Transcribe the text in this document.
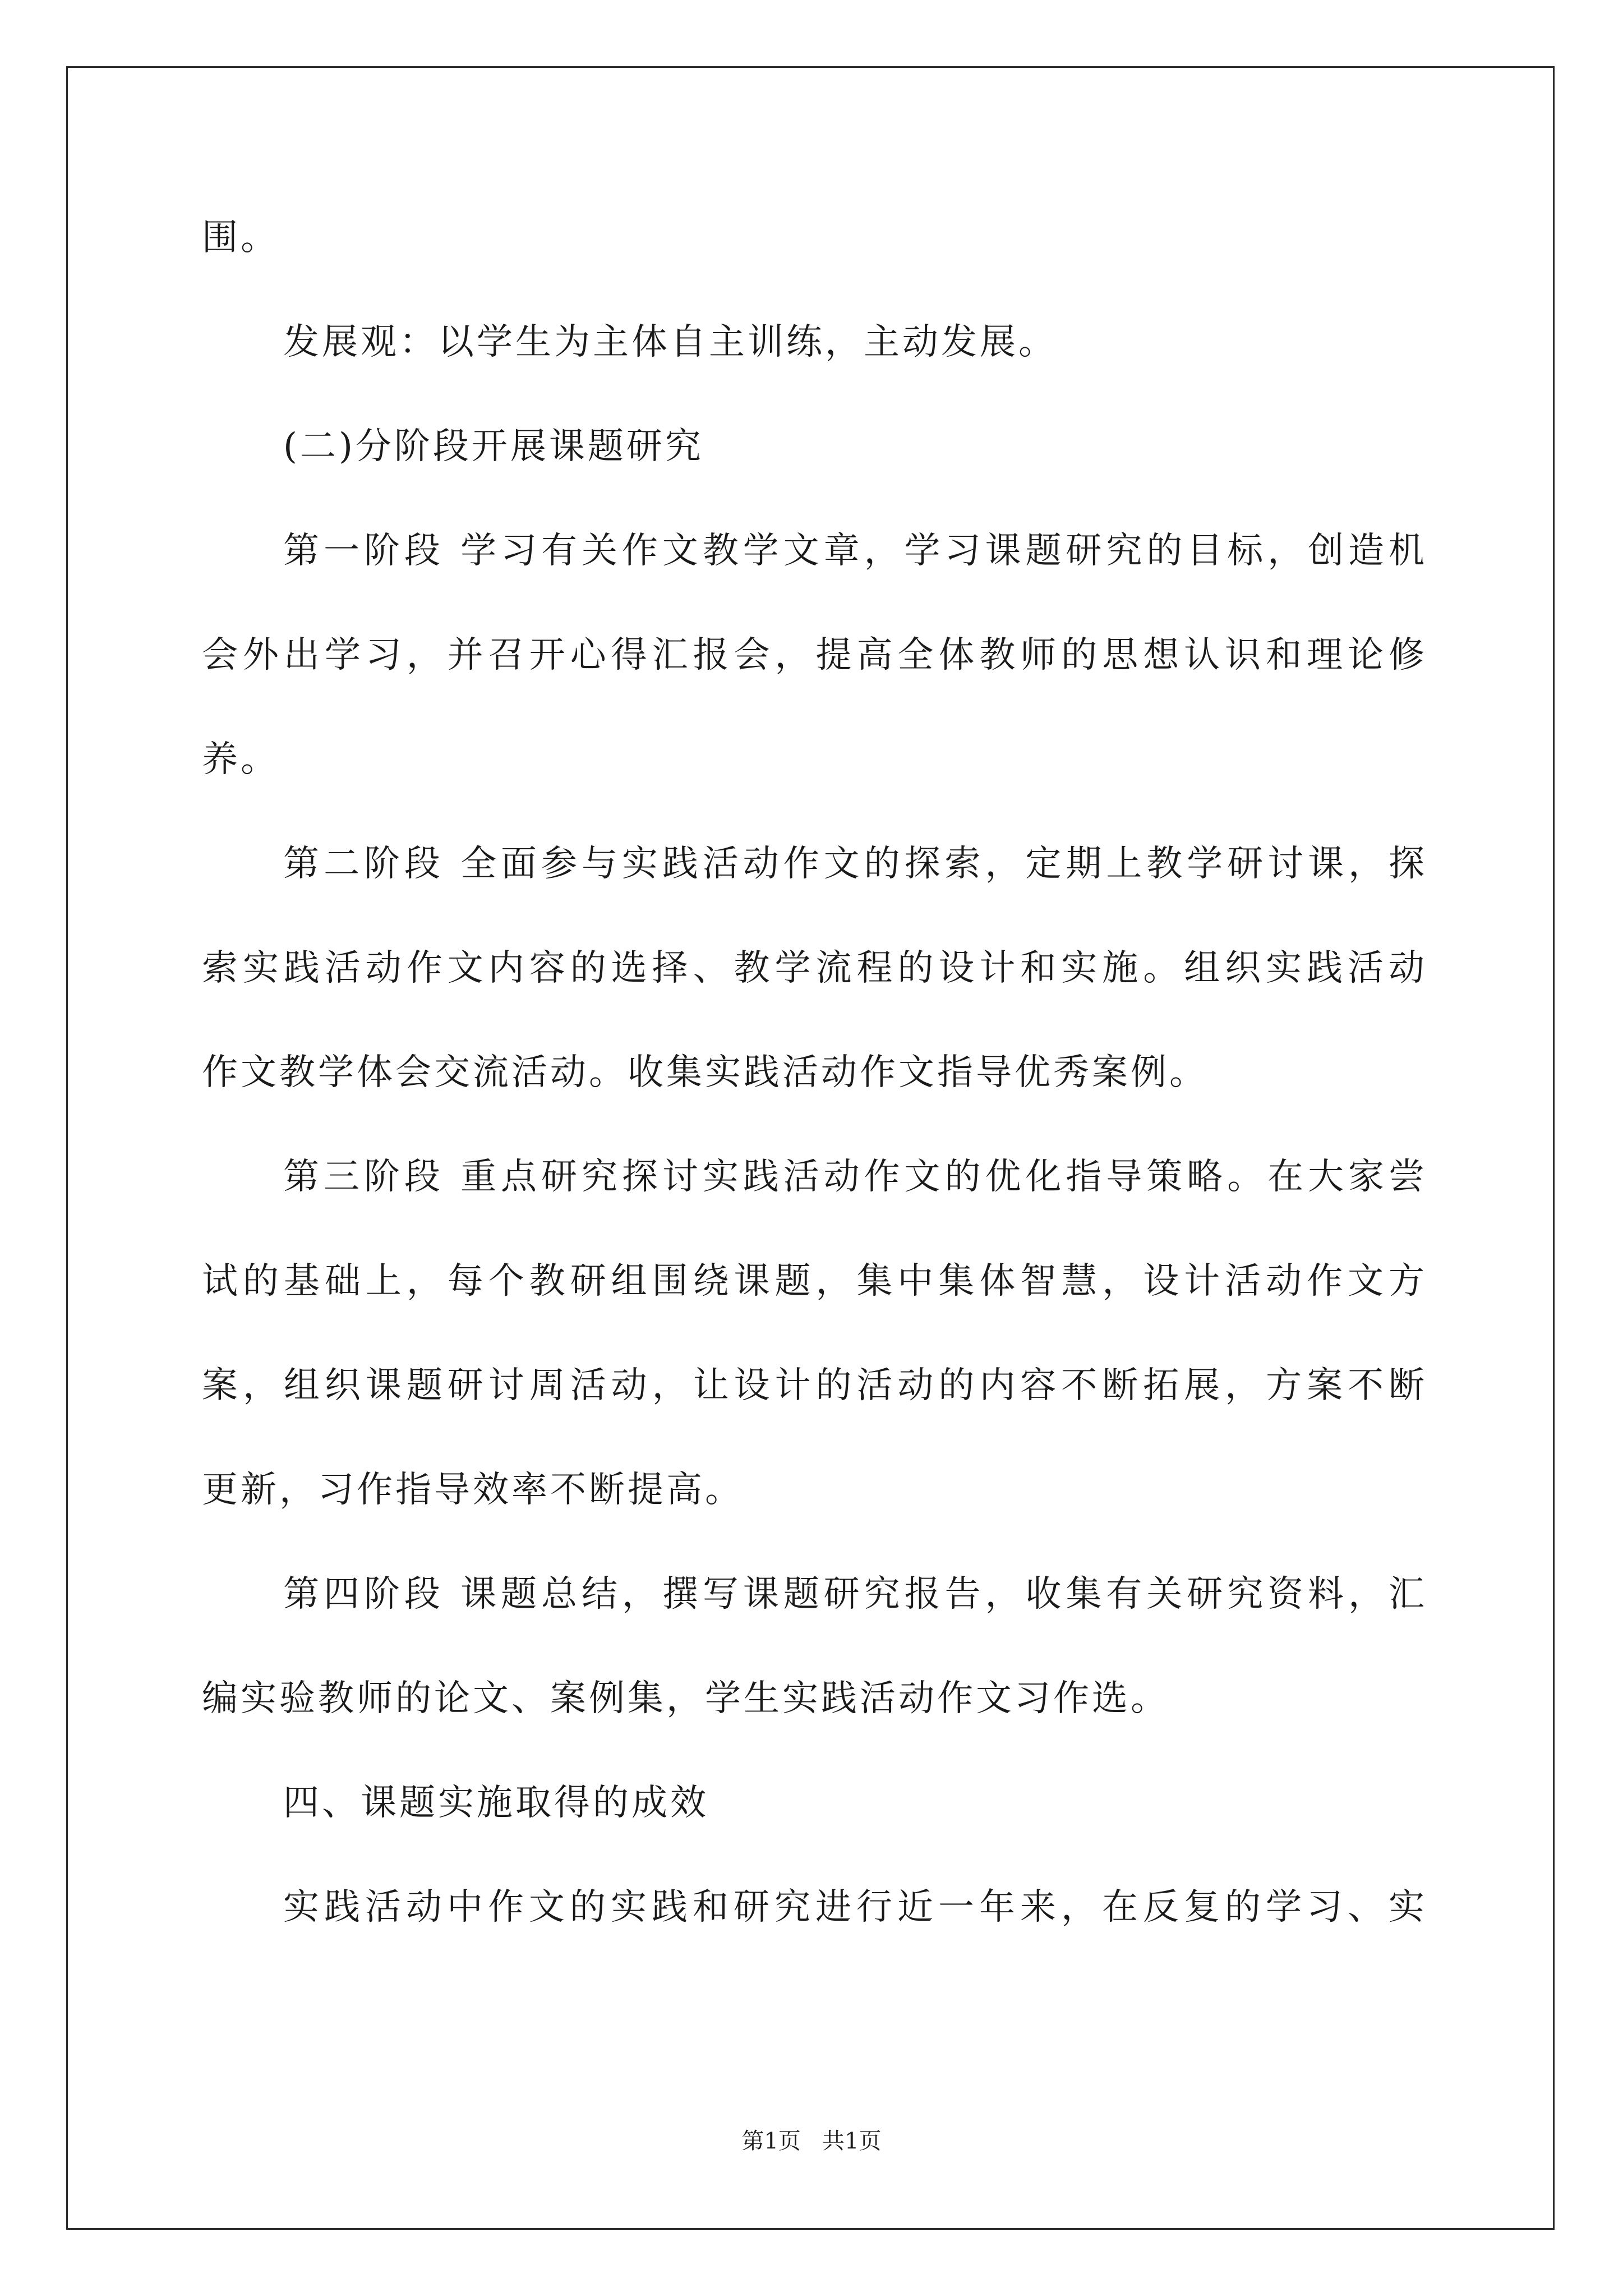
围。
发展观：以学生为主体自主训练，主动发展。
(二)分阶段开展课题研究
第一阶段 学习有关作文教学文章，学习课题研究的目标，创造机
会外出学习，并召开心得汇报会，提高全体教师的思想认识和理论修
养。
第二阶段 全面参与实践活动作文的探索，定期上教学研讨课，探
索实践活动作文内容的选择、教学流程的设计和实施。组织实践活动
作文教学体会交流活动。收集实践活动作文指导优秀案例。
第三阶段 重点研究探讨实践活动作文的优化指导策略。在大家尝
试的基础上，每个教研组围绕课题，集中集体智慧，设计活动作文方
案，组织课题研讨周活动，让设计的活动的内容不断拓展，方案不断
更新，习作指导效率不断提高。
第四阶段 课题总结，撰写课题研究报告，收集有关研究资料，汇
编实验教师的论文、案例集，学生实践活动作文习作选。
四、课题实施取得的成效
实践活动中作文的实践和研究进行近一年来，在反复的学习、实
第1页   共1页
